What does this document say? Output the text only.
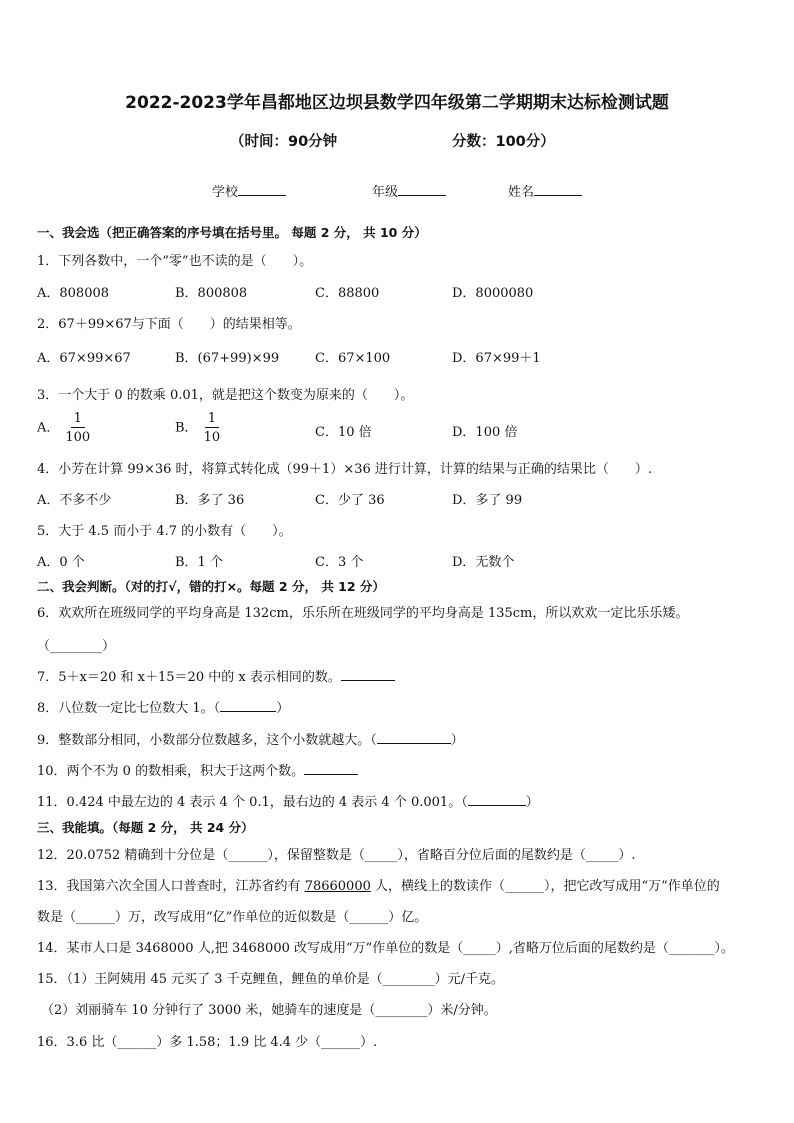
2022-2023学年昌都地区边坝县数学四年级第二学期期末达标检测试题
（时间：90分钟	分数：100分）
学校	年级	姓名
一、我会选（把正确答案的序号填在括号里。 每题 2 分， 共 10 分）
1．下列各数中，一个“零”也不读的是（　　）。
A．808008	B．800808	C．88800	D．8000080
2．67＋99×67与下面（　　）的结果相等。
A．67×99×67	B．(67+99)×99	C．67×100	D．67×99＋1
3．一个大于 0 的数乘 0.01，就是把这个数变为原来的（　　）。
A． $\frac{1}{100}$	B． $\frac{1}{10}$	C．10 倍	D．100 倍
4．小芳在计算 99×36 时，将算式转化成（99＋1）×36 进行计算，计算的结果与正确的结果比（　　）.
A．不多不少	B．多了 36	C．少了 36	D．多了 99
5．大于 4.5 而小于 4.7 的小数有（　　）。
A．0 个	B．1 个	C．3 个	D．无数个
二、我会判断。（对的打√，错的打×。每题 2 分， 共 12 分）
6．欢欢所在班级同学的平均身高是 132cm，乐乐所在班级同学的平均身高是 135cm，所以欢欢一定比乐乐矮。
（________）
7．5＋x＝20 和 x＋15＝20 中的 x 表示相同的数。
8．八位数一定比七位数大 1。（	）
9．整数部分相同，小数部分位数越多，这个小数就越大。（	）
10．两个不为 0 的数相乘，积大于这两个数。
11．0.424 中最左边的 4 表示 4 个 0.1，最右边的 4 表示 4 个 0.001。（	）
三、我能填。（每题 2 分， 共 24 分）
12．20.0752 精确到十分位是（______），保留整数是（_____），省略百分位后面的尾数约是（_____）.
13．我国第六次全国人口普查时，江苏省约有 78660000 人，横线上的数读作（______），把它改写成用“万”作单位的
数是（______）万，改写成用“亿”作单位的近似数是（______）亿。
14．某市人口是 3468000 人,把 3468000 改写成用“万”作单位的数是（_____）,省略万位后面的尾数约是（_______）。
15．（1）王阿姨用 45 元买了 3 千克鲤鱼，鲤鱼的单价是（________）元/千克。
（2）刘丽骑车 10 分钟行了 3000 米，她骑车的速度是（________）米/分钟。
16．3.6 比（______）多 1.58；1.9 比 4.4 少（______）.
